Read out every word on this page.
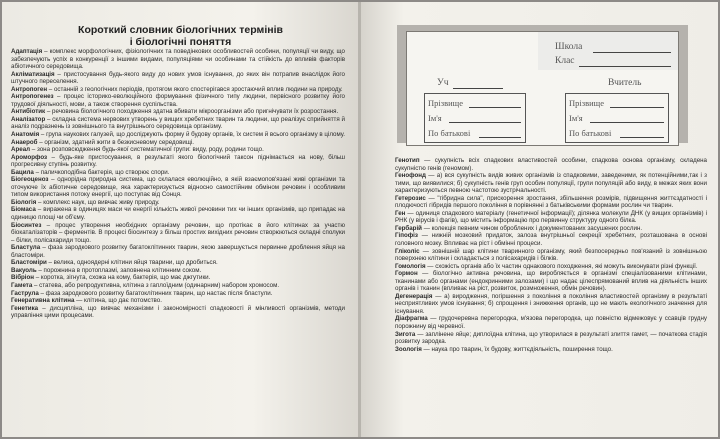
Короткий словник біологічних термінів
і біологічні поняття

Адаптація – комплекс морфологічних, фізіологічних та поведінкових особливостей особини, популяції чи виду, що забезпечують успіх в конкуренції з іншими видами, популяціями чи особинами та стійкість до впливів факторів абіотичного середовища.

Акліматизація – пристосування будь-якого виду до нових умов існування, до яких він потрапив внаслідок його штучного переселення.

Антропоген – останній з геологічних періодів, протягом якого спостерігався зростаючий вплив людини на природу.

Антропогенез – процес історико-еволюційного формування фізичного типу людини, первісного розвитку його трудової діяльності, мови, а також створення суспільства.

Антибіотик – речовина біологічного походження здатна вбивати мікроорганізми або пригнічувати їх розростання.

Аналізатор – складна система нервових утворень у вищих хребетних тварин та людини, що реалізує сприйняття й аналіз подразнень із зовнішнього та внутрішнього середовища організму.

Анатомія – група наукових галузей, що досліджують форму й будову органів, їх систем й всього організму в цілому.

Анаероб – організм, здатний жити в безкисневому середовищі.

Ареал – зона розповсюдження будь-якої систематичної групи: виду, роду, родини тощо.

Ароморфоз – будь-яке пристосування, в результаті якого біологічний таксон піднімається на нову, більш прогресивну ступінь розвитку.

Бацила – паличкоподібна бактерія, що створює спори.

Біогеоценоз – однорідна природна система, що склалася еволюційно, в якій взаємопов'язані живі організми та оточуюче їх абіотичне середовище, яка характеризується відносно самостійним обміном речовин і особливим типом використання потоку енергії, що поступає від Сонця.

Біологія – комплекс наук, що вивчає живу природу.

Біомаса – виражена в одиницях маси чи енергії кількість живої речовини тих чи інших організмів, що припадає на одиницю площі чи об'єму.

Біосинтез – процес утворення необхідних організму речовин, що протікає в його клітинах за участю біокаталізаторів – ферментів. В процесі біосинтезу з більш простих вихідних речовин створюються складні сполуки – білки, полісахариди тощо.

Бластула – фаза зародкового розвитку багатоклітинних тварин, якою завершується первинне дроблення яйця на бластоміри.

Бластоміри – велика, одноядерні клітини яйця тварини, що дробиться.

Вакуоль – порожнина в протоплазмі, заповнена клітинним соком.

Вібріон – коротка, зігнута, схожа на кому, бактерія, що має джгутики.

Гамета – статева, або репродуктивна, клітина з гаплоїдним (одинарним) набором хромосом.

Гаструла – фаза зародкового розвитку багатоклітинних тварин, що настає після бластули.

Генеративна клітина — клітина, що дає потомство.

Генетика – дисципліна, що вивчає механізми і закономірності спадковості й мінливості організмів, методи управління цими процесами.

Школа
Клас
Уч	Вчитель
Прізвище
Ім'я
По батькові
Прізвище
Ім'я
По батькові

Генотип — сукупність всіх спадкових властивостей особини, спадкова основа організму, складена сукупністю генів (геномом).

Генофонд — а) вся сукупність видів живих організмів із спадковими, заведеними, як потенційними,так і з тими, що виявилися; б) сукупність генів груп особин популяції, групи популяцій або виду, в межах яких вони характеризуються певною частотою зустрічальності.

Гетерозис — "гібридна сила", прискорення зростання, збільшення розмірів, підвищення життєздатності і плодючості гібридів першого покоління в порівнянні з батьківськими формами рослин чи тварин.

Ген — одиниця спадкового матеріалу (генетичної інформації); ділянка молекули ДНК (у вищих організмів) і РНК (у вірусів і фагів), що містить інформацію про первинну структуру одного білка.

Гербарій — колекція певним чином оброблених і документованих засушених рослин.

Гіпофіз — нижній мозковий придаток, залоза внутрішньої секреції хребетних, розташована в основі головного мозку. Впливає на ріст і обмінні процеси.

Гліколіс — зовнішній шар клітини тваринного організму, який безпосередньо пов'язаний із зовнішньою поверхнею клітини і складається з полісахаридів і білків.

Гомологія — схожість органів або їх частин однакового походження, які можуть виконувати різні функції.

Гормон — біологічно активна речовина, що виробляється в організмі спеціалізованими клітинами, тканинами або органами (ендокринними залозами) і що надає цілеспрямований вплив на діяльність інших органів і тканин (впливає на ріст, розвиток, розмноження, обмін речовин).

Дегенерація — а) виродження, погіршення з покоління в покоління властивостей організму в результаті несприятливих умов існування; б) спрощення і знижкення органів, що не мають екологічного значення для існування.

Діафрагма — грудочеревна перегородка, м'язова перегородка, що повністю відмежовує у ссавців грудну порожнину від черевної.

Зигота — заплінене яйце; диплоїдна клітина, що утворилася в результаті злиття гамет, — початкова стадія розвитку зародка.

Зоологія — наука про тварин, їх будову, життєдіяльність, поширення тощо.
